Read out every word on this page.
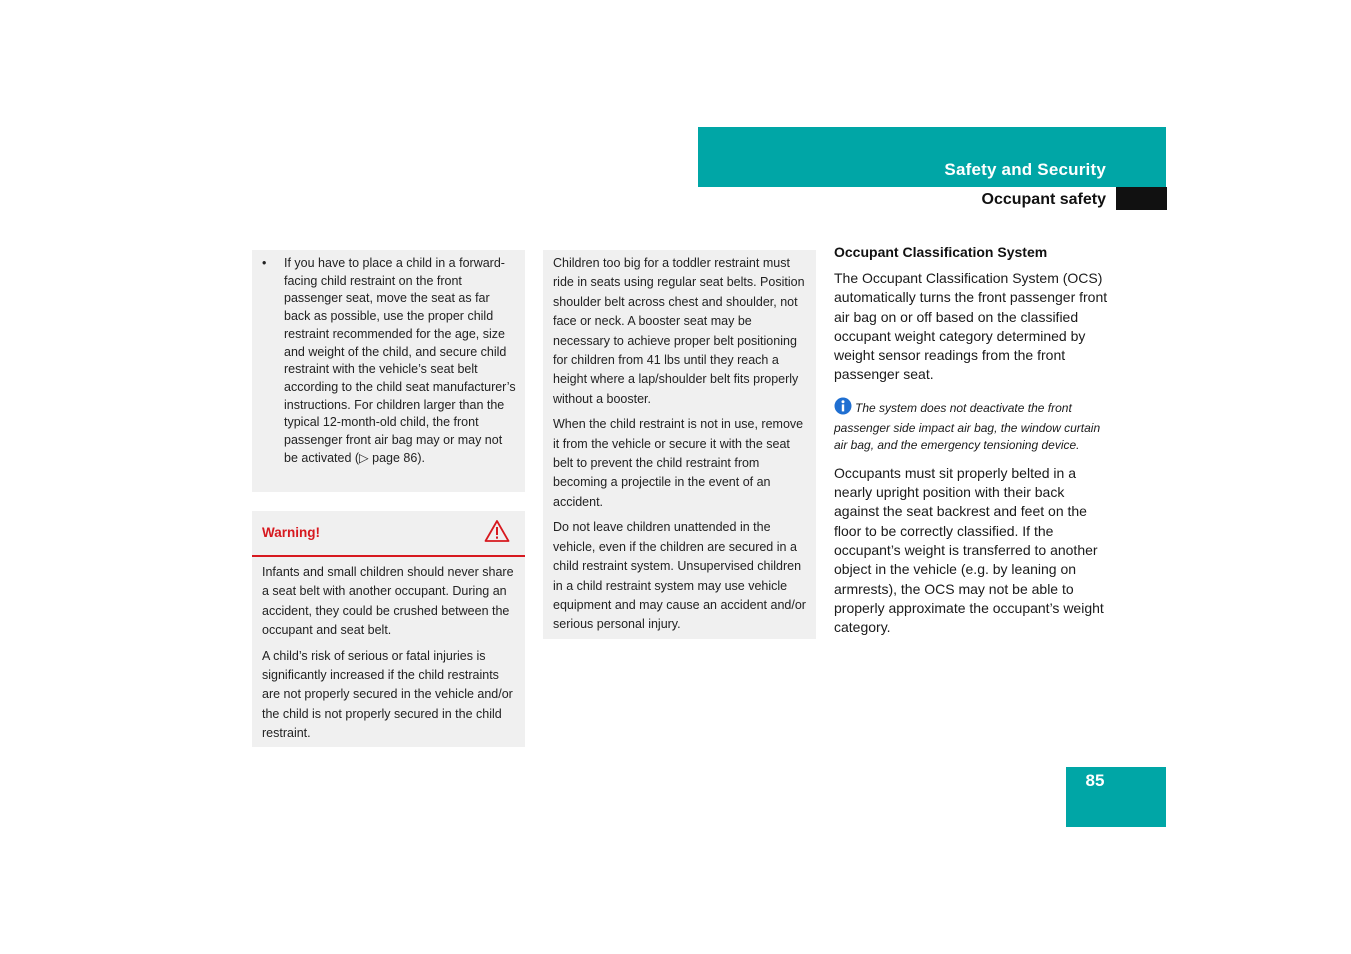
Safety and Security
Occupant safety
•	If you have to place a child in a forward-facing child restraint on the front passenger seat, move the seat as far back as possible, use the proper child restraint recommended for the age, size and weight of the child, and secure child restraint with the vehicle’s seat belt according to the child seat manufacturer’s instructions. For children larger than the typical 12-month-old child, the front passenger front air bag may or may not be activated (▷ page 86).
Warning!

Infants and small children should never share a seat belt with another occupant. During an accident, they could be crushed between the occupant and seat belt.

A child’s risk of serious or fatal injuries is significantly increased if the child restraints are not properly secured in the vehicle and/or the child is not properly secured in the child restraint.

Children too big for a toddler restraint must ride in seats using regular seat belts. Position shoulder belt across chest and shoulder, not face or neck. A booster seat may be necessary to achieve proper belt positioning for children from 41 lbs until they reach a height where a lap/shoulder belt fits properly without a booster.

When the child restraint is not in use, remove it from the vehicle or secure it with the seat belt to prevent the child restraint from becoming a projectile in the event of an accident.

Do not leave children unattended in the vehicle, even if the children are secured in a child restraint system. Unsupervised children in a child restraint system may use vehicle equipment and may cause an accident and/or serious personal injury.

Occupant Classification System

The Occupant Classification System (OCS) automatically turns the front passenger front air bag on or off based on the classified occupant weight category determined by weight sensor readings from the front passenger seat.

The system does not deactivate the front passenger side impact air bag, the window curtain air bag, and the emergency tensioning device.

Occupants must sit properly belted in a nearly upright position with their back against the seat backrest and feet on the floor to be correctly classified. If the occupant’s weight is transferred to another object in the vehicle (e.g. by leaning on armrests), the OCS may not be able to properly approximate the occupant’s weight category.

85
